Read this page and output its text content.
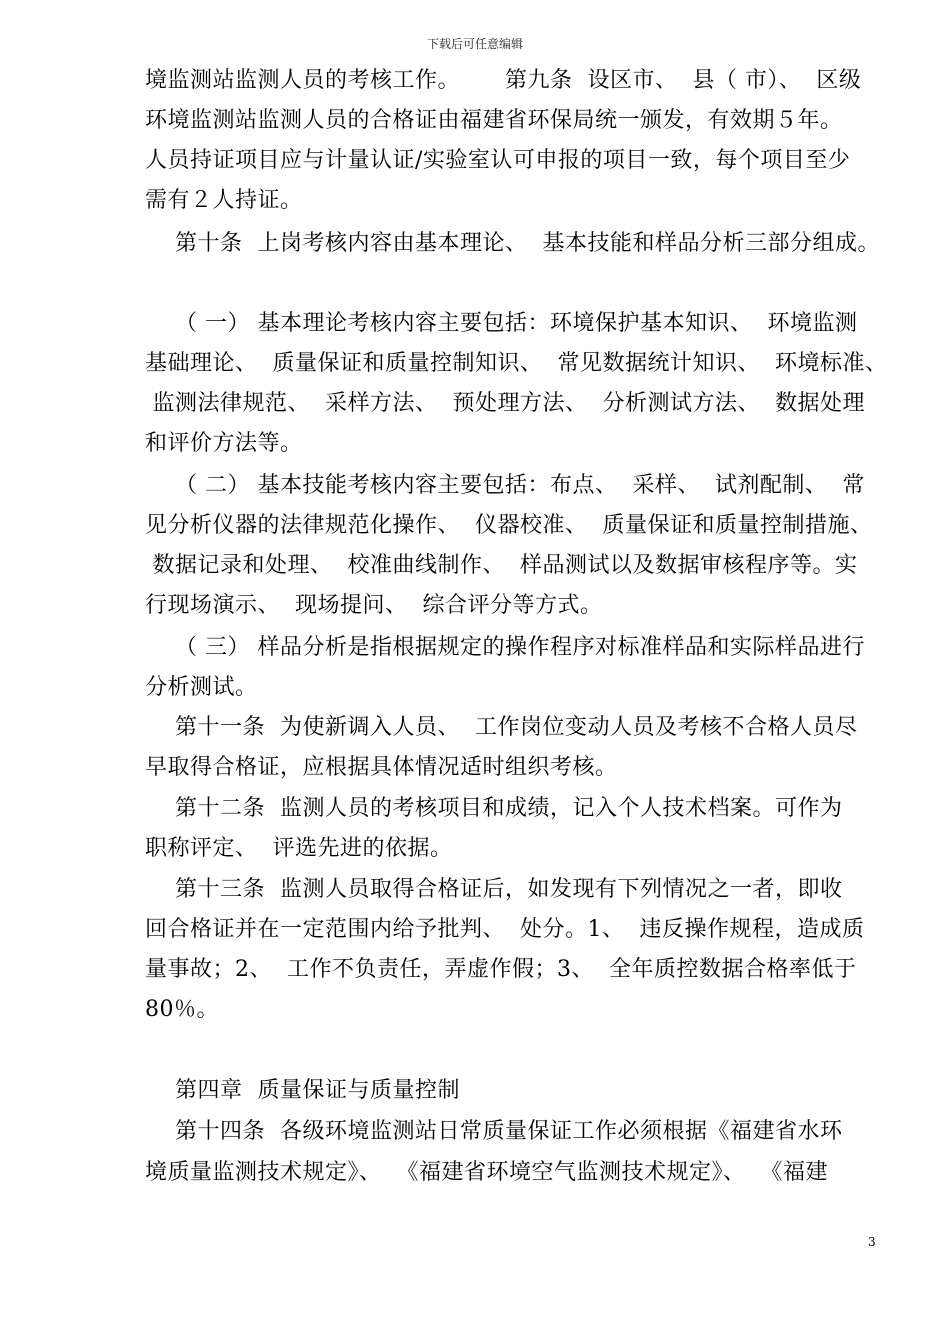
下载后可任意编辑
境监测站监测人员的考核工作。      第九条  设区市、  县（ 市）、  区级
环境监测站监测人员的合格证由福建省环保局统一颁发，有效期５年。
人员持证项目应与计量认证/实验室认可申报的项目一致，每个项目至少
需有２人持证。
第十条  上岗考核内容由基本理论、  基本技能和样品分析三部分组成。
（ 一） 基本理论考核内容主要包括：环境保护基本知识、  环境监测
基础理论、  质量保证和质量控制知识、  常见数据统计知识、  环境标准、
监测法律规范、  采样方法、  预处理方法、  分析测试方法、  数据处理
和评价方法等。
（ 二） 基本技能考核内容主要包括：布点、  采样、  试剂配制、  常
见分析仪器的法律规范化操作、  仪器校准、  质量保证和质量控制措施、
数据记录和处理、  校准曲线制作、  样品测试以及数据审核程序等。实
行现场演示、  现场提问、  综合评分等方式。
（ 三） 样品分析是指根据规定的操作程序对标准样品和实际样品进行
分析测试。
第十一条  为使新调入人员、  工作岗位变动人员及考核不合格人员尽
早取得合格证，应根据具体情况适时组织考核。
第十二条  监测人员的考核项目和成绩，记入个人技术档案。可作为
职称评定、  评选先进的依据。
第十三条  监测人员取得合格证后，如发现有下列情况之一者，即收
回合格证并在一定范围内给予批判、  处分。1、  违反操作规程，造成质
量事故；2、  工作不负责任，弄虚作假；3、  全年质控数据合格率低于
80％。
第四章  质量保证与质量控制
第十四条  各级环境监测站日常质量保证工作必须根据《福建省水环
境质量监测技术规定》、  《福建省环境空气监测技术规定》、  《福建
3
